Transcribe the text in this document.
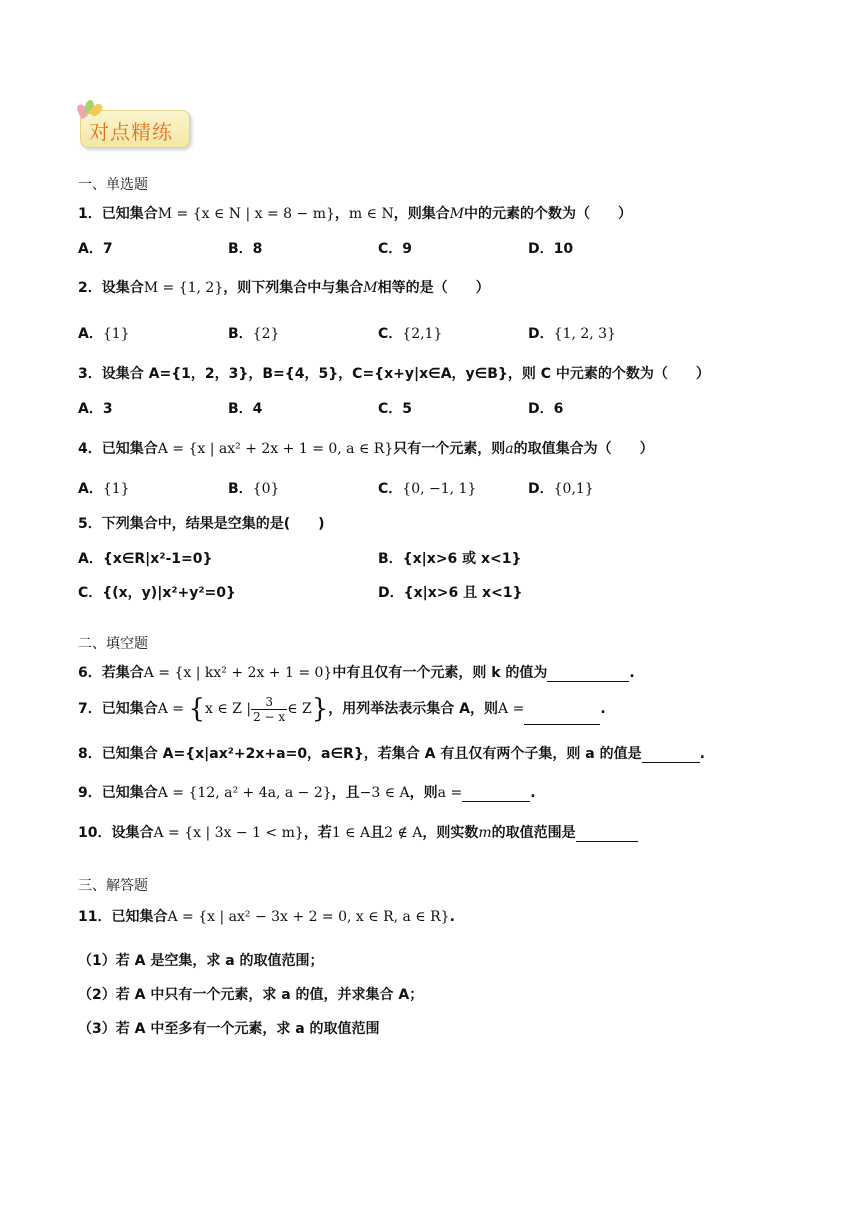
对点精练
一、单选题
1．已知集合M = {x ∈ N | x = 8 − m}，m ∈ N，则集合M中的元素的个数为（　　）
A．7	B．8	C．9	D．10
2．设集合M = {1, 2}，则下列集合中与集合M相等的是（　　）
A．{1}	B．{2}	C．{2,1}	D．{1, 2, 3}
3．设集合 A={1，2，3}，B={4，5}，C={x+y|x∈A，y∈B}，则 C 中元素的个数为（　　）
A．3	B．4	C．5	D．6
4．已知集合A = {x | ax² + 2x + 1 = 0, a ∈ R}只有一个元素，则a的取值集合为（　　）
A．{1}	B．{0}	C．{0, −1, 1}	D．{0,1}
5．下列集合中，结果是空集的是(　　)
A．{x∈R|x²-1=0}	B．{x|x>6 或 x<1}
C．{(x，y)|x²+y²=0}	D．{x|x>6 且 x<1}
二、填空题
6．若集合A = {x | kx² + 2x + 1 = 0}中有且仅有一个元素，则 k 的值为	.
7．已知集合A = {x ∈ Z | $\frac{3}{2 - x}$ ∈ Z}，用列举法表示集合 A，则A =	.
8．已知集合 A={x|ax²+2x+a=0，a∈R}，若集合 A 有且仅有两个子集，则 a 的值是	.
9．已知集合A = {12, a² + 4a, a − 2}，且−3 ∈ A，则a =	.
10．设集合A = {x | 3x − 1 < m}，若1 ∈ A且2 ∉ A，则实数m的取值范围是
三、解答题
11．已知集合A = {x | ax² − 3x + 2 = 0, x ∈ R, a ∈ R}.
（1）若 A 是空集，求 a 的取值范围；
（2）若 A 中只有一个元素，求 a 的值，并求集合 A；
（3）若 A 中至多有一个元素，求 a 的取值范围
